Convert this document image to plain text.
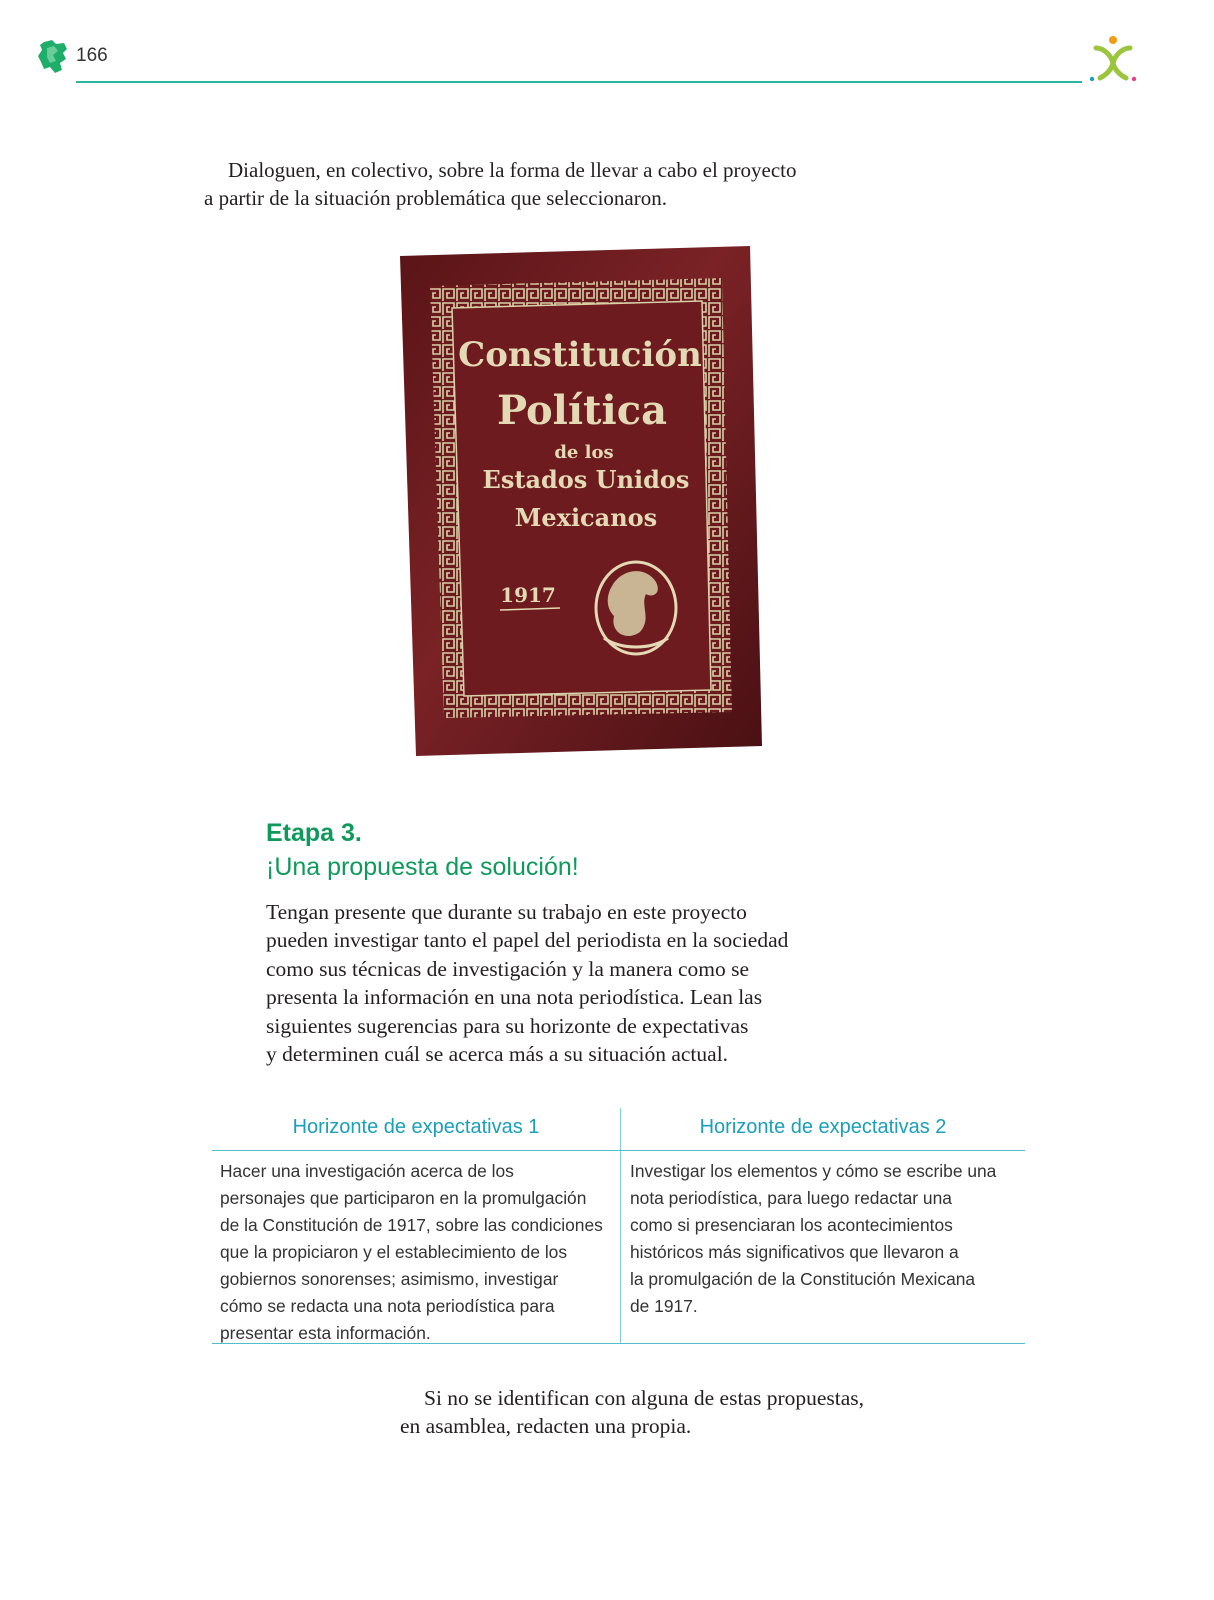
166

Dialoguen, en colectivo, sobre la forma de llevar a cabo el proyecto

a partir de la situación problemática que seleccionaron.

Constitución
Política
de los
Estados Unidos
Mexicanos
1917
Etapa 3.
¡Una propuesta de solución!
Tengan presente que durante su trabajo en este proyecto
pueden investigar tanto el papel del periodista en la sociedad
como sus técnicas de investigación y la manera como se
presenta la información en una nota periodística. Lean las
siguientes sugerencias para su horizonte de expectativas
y determinen cuál se acerca más a su situación actual.
Horizonte de expectativas 1	Horizonte de expectativas 2
Hacer una investigación acerca de los
personajes que participaron en la promulgación
de la Constitución de 1917, sobre las condiciones
que la propiciaron y el establecimiento de los
gobiernos sonorenses; asimismo, investigar
cómo se redacta una nota periodística para
presentar esta información.
Investigar los elementos y cómo se escribe una
nota periodística, para luego redactar una
como si presenciaran los acontecimientos
históricos más significativos que llevaron a
la promulgación de la Constitución Mexicana
de 1917.

Si no se identifican con alguna de estas propuestas,

en asamblea, redacten una propia.
